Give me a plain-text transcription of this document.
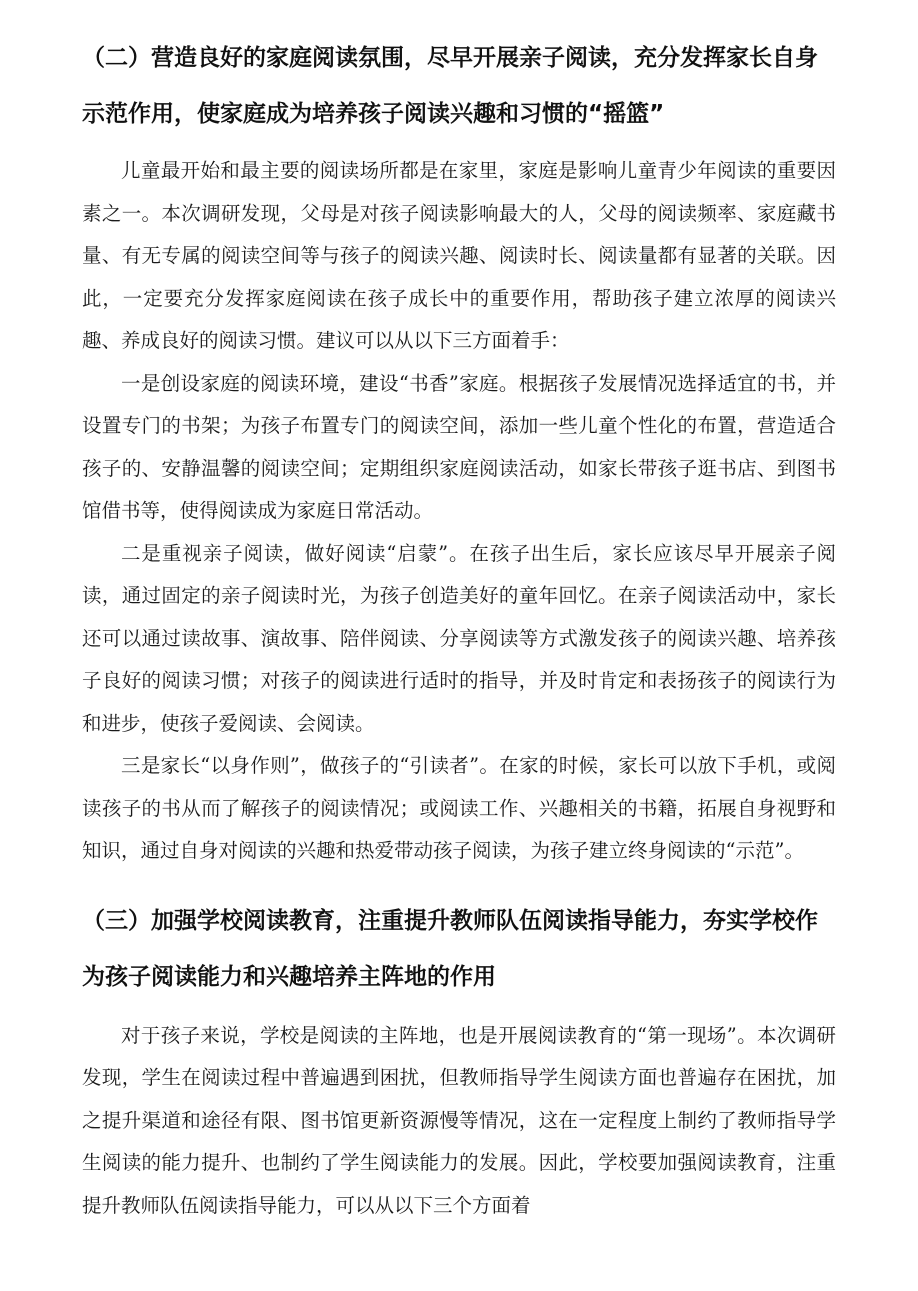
（二）营造良好的家庭阅读氛围，尽早开展亲子阅读，充分发挥家长自身示范作用，使家庭成为培养孩子阅读兴趣和习惯的“摇篮”

儿童最开始和最主要的阅读场所都是在家里，家庭是影响儿童青少年阅读的重要因素之一。本次调研发现，父母是对孩子阅读影响最大的人，父母的阅读频率、家庭藏书量、有无专属的阅读空间等与孩子的阅读兴趣、阅读时长、阅读量都有显著的关联。因此，一定要充分发挥家庭阅读在孩子成长中的重要作用，帮助孩子建立浓厚的阅读兴趣、养成良好的阅读习惯。建议可以从以下三方面着手：

一是创设家庭的阅读环境，建设“书香”家庭。根据孩子发展情况选择适宜的书，并设置专门的书架；为孩子布置专门的阅读空间，添加一些儿童个性化的布置，营造适合孩子的、安静温馨的阅读空间；定期组织家庭阅读活动，如家长带孩子逛书店、到图书馆借书等，使得阅读成为家庭日常活动。

二是重视亲子阅读，做好阅读“启蒙”。在孩子出生后，家长应该尽早开展亲子阅读，通过固定的亲子阅读时光，为孩子创造美好的童年回忆。在亲子阅读活动中，家长还可以通过读故事、演故事、陪伴阅读、分享阅读等方式激发孩子的阅读兴趣、培养孩子良好的阅读习惯；对孩子的阅读进行适时的指导，并及时肯定和表扬孩子的阅读行为和进步，使孩子爱阅读、会阅读。

三是家长“以身作则”，做孩子的“引读者”。在家的时候，家长可以放下手机，或阅读孩子的书从而了解孩子的阅读情况；或阅读工作、兴趣相关的书籍，拓展自身视野和知识，通过自身对阅读的兴趣和热爱带动孩子阅读，为孩子建立终身阅读的“示范”。

（三）加强学校阅读教育，注重提升教师队伍阅读指导能力，夯实学校作为孩子阅读能力和兴趣培养主阵地的作用

对于孩子来说，学校是阅读的主阵地，也是开展阅读教育的“第一现场”。本次调研发现，学生在阅读过程中普遍遇到困扰，但教师指导学生阅读方面也普遍存在困扰，加之提升渠道和途径有限、图书馆更新资源慢等情况，这在一定程度上制约了教师指导学生阅读的能力提升、也制约了学生阅读能力的发展。因此，学校要加强阅读教育，注重提升教师队伍阅读指导能力，可以从以下三个方面着
